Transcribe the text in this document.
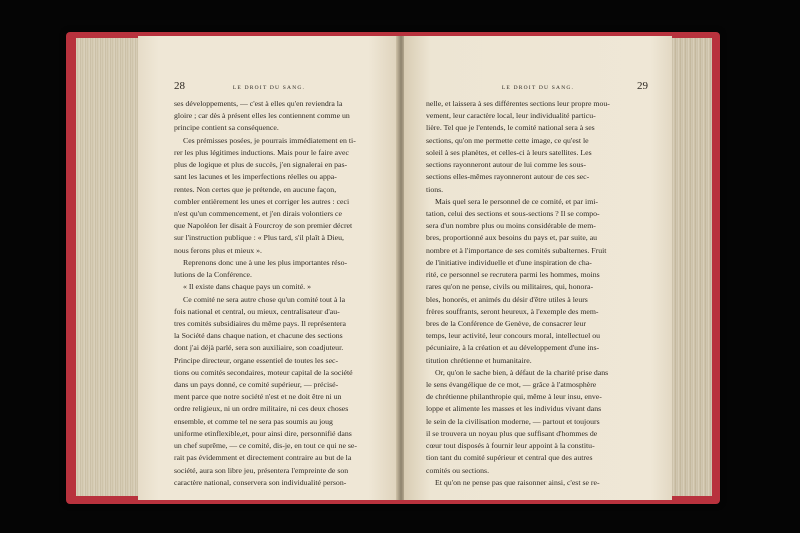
28	LE DROIT DU SANG.
ses développements, — c'est à elles qu'en reviendra la
gloire ; car dès à présent elles les contiennent comme un
principe contient sa conséquence.
Ces prémisses posées, je pourrais immédiatement en ti-
rer les plus légitimes inductions. Mais pour le faire avec
plus de logique et plus de succès, j'en signalerai en pas-
sant les lacunes et les imperfections réelles ou appa-
rentes. Non certes que je prétende, en aucune façon,
combler entièrement les unes et corriger les autres : ceci
n'est qu'un commencement, et j'en dirais volontiers ce
que Napoléon Ier disait à Fourcroy de son premier décret
sur l'instruction publique : « Plus tard, s'il plaît à Dieu,
nous ferons plus et mieux ».
Reprenons donc une à une les plus importantes réso-
lutions de la Conférence.
« Il existe dans chaque pays un comité. »
Ce comité ne sera autre chose qu'un comité tout à la
fois national et central, ou mieux, centralisateur d'au-
tres comités subsidiaires du même pays. Il représentera
la Société dans chaque nation, et chacune des sections
dont j'ai déjà parlé, sera son auxiliaire, son coadjuteur.
Principe directeur, organe essentiel de toutes les sec-
tions ou comités secondaires, moteur capital de la société
dans un pays donné, ce comité supérieur, — précisé-
ment parce que notre société n'est et ne doit être ni un
ordre religieux, ni un ordre militaire, ni ces deux choses
ensemble, et comme tel ne sera pas soumis au joug
uniforme etinflexible,et, pour ainsi dire, personnifié dans
un chef suprême, — ce comité, dis-je, en tout ce qui ne se-
rait pas évidemment et directement contraire au but de la
société, aura son libre jeu, présentera l'empreinte de son
caractère national, conservera son individualité person-
LE DROIT DU SANG.	29
nelle, et laissera à ses différentes sections leur propre mou-
vement, leur caractère local, leur individualité particu-
lière. Tel que je l'entends, le comité national sera à ses
sections, qu'on me permette cette image, ce qu'est le
soleil à ses planètes, et celles-ci à leurs satellites. Les
sections rayonneront autour de lui comme les sous-
sections elles-mêmes rayonneront autour de ces sec-
tions.
Mais quel sera le personnel de ce comité, et par imi-
tation, celui des sections et sous-sections ? Il se compo-
sera d'un nombre plus ou moins considérable de mem-
bres, proportionné aux besoins du pays et, par suite, au
nombre et à l'importance de ses comités subalternes. Fruit
de l'initiative individuelle et d'une inspiration de cha-
rité, ce personnel se recrutera parmi les hommes, moins
rares qu'on ne pense, civils ou militaires, qui, honora-
bles, honorés, et animés du désir d'être utiles à leurs
frères souffrants, seront heureux, à l'exemple des mem-
bres de la Conférence de Genève, de consacrer leur
temps, leur activité, leur concours moral, intellectuel ou
pécuniaire, à la création et au développement d'une ins-
titution chrétienne et humanitaire.
Or, qu'on le sache bien, à défaut de la charité prise dans
le sens évangélique de ce mot, — grâce à l'atmosphère
de chrétienne philanthropie qui, même à leur insu, enve-
loppe et alimente les masses et les individus vivant dans
le sein de la civilisation moderne, — partout et toujours
il se trouvera un noyau plus que suffisant d'hommes de
cœur tout disposés à fournir leur appoint à la constitu-
tion tant du comité supérieur et central que des autres
comités ou sections.
Et qu'on ne pense pas que raisonner ainsi, c'est se re-
